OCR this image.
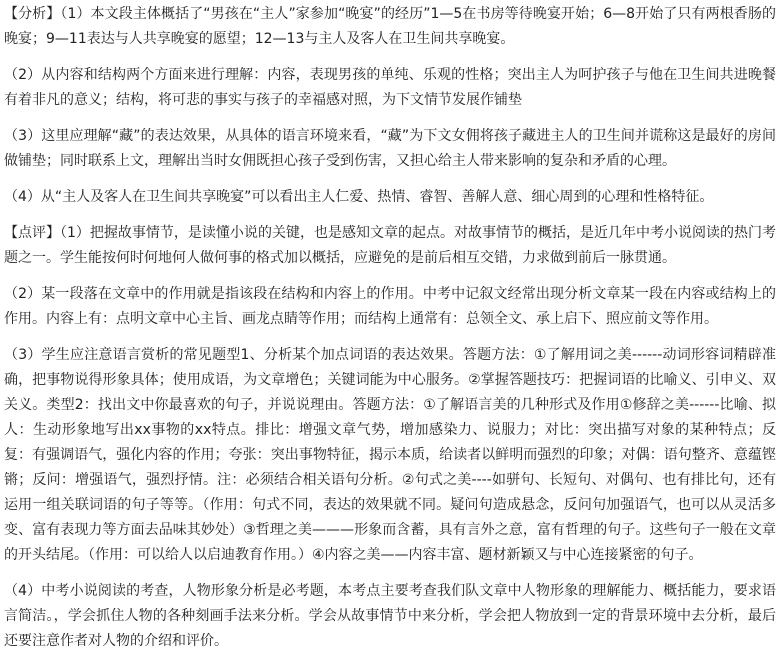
【分析】（1）本文段主体概括了“男孩在“主人”家参加“晚宴”的经历”1—5在书房等待晚宴开始；6—8开始了只有两根香肠的晚宴；9—11表达与人共享晚宴的愿望；12—13与主人及客人在卫生间共享晚宴。

（2）从内容和结构两个方面来进行理解：内容，表现男孩的单纯、乐观的性格；突出主人为呵护孩子与他在卫生间共进晚餐有着非凡的意义；结构，将可悲的事实与孩子的幸福感对照，为下文情节发展作铺垫

（3）这里应理解“藏”的表达效果，从具体的语言环境来看，“藏”为下文女佣将孩子藏进主人的卫生间并谎称这是最好的房间做铺垫；同时联系上文，理解出当时女佣既担心孩子受到伤害，又担心给主人带来影响的复杂和矛盾的心理。

（4）从“主人及客人在卫生间共享晚宴”可以看出主人仁爱、热情、睿智、善解人意、细心周到的心理和性格特征。

【点评】（1）把握故事情节，是读懂小说的关键，也是感知文章的起点。对故事情节的概括，是近几年中考小说阅读的热门考题之一。学生能按何时何地何人做何事的格式加以概括，应避免的是前后相互交错，力求做到前后一脉贯通。

（2）某一段落在文章中的作用就是指该段在结构和内容上的作用。中考中记叙文经常出现分析文章某一段在内容或结构上的作用。内容上有：点明文章中心主旨、画龙点睛等作用；而结构上通常有：总领全文、承上启下、照应前文等作用。

（3）学生应注意语言赏析的常见题型1、分析某个加点词语的表达效果。答题方法：①了解用词之美------动词形容词精辟准确，把事物说得形象具体；使用成语，为文章增色；关键词能为中心服务。②掌握答题技巧：把握词语的比喻义、引申义、双关义。类型2：找出文中你最喜欢的句子，并说说理由。答题方法：①了解语言美的几种形式及作用①修辞之美------比喻、拟人：生动形象地写出xx事物的xx特点。排比：增强文章气势，增加感染力、说服力；对比：突出描写对象的某种特点；反复：有强调语气，强化内容的作用；夸张：突出事物特征，揭示本质，给读者以鲜明而强烈的印象；对偶：语句整齐、意蕴铿锵；反问：增强语气，强烈抒情。注：必须结合相关语句分析。②句式之美----如骈句、长短句、对偶句、也有排比句，还有运用一组关联词语的句子等等。（作用：句式不同，表达的效果就不同。疑问句造成悬念，反问句加强语气，也可以从灵活多变、富有表现力等方面去品味其妙处）③哲理之美———形象而含蓄，具有言外之意，富有哲理的句子。这些句子一般在文章的开头结尾。（作用：可以给人以启迪教育作用。）④内容之美——内容丰富、题材新颖又与中心连接紧密的句子。

（4）中考小说阅读的考查，人物形象分析是必考题，本考点主要考查我们队文章中人物形象的理解能力、概括能力，要求语言简洁。，学会抓住人物的各种刻画手法来分析。学会从故事情节中来分析，学会把人物放到一定的背景环境中去分析，最后还要注意作者对人物的介绍和评价。
